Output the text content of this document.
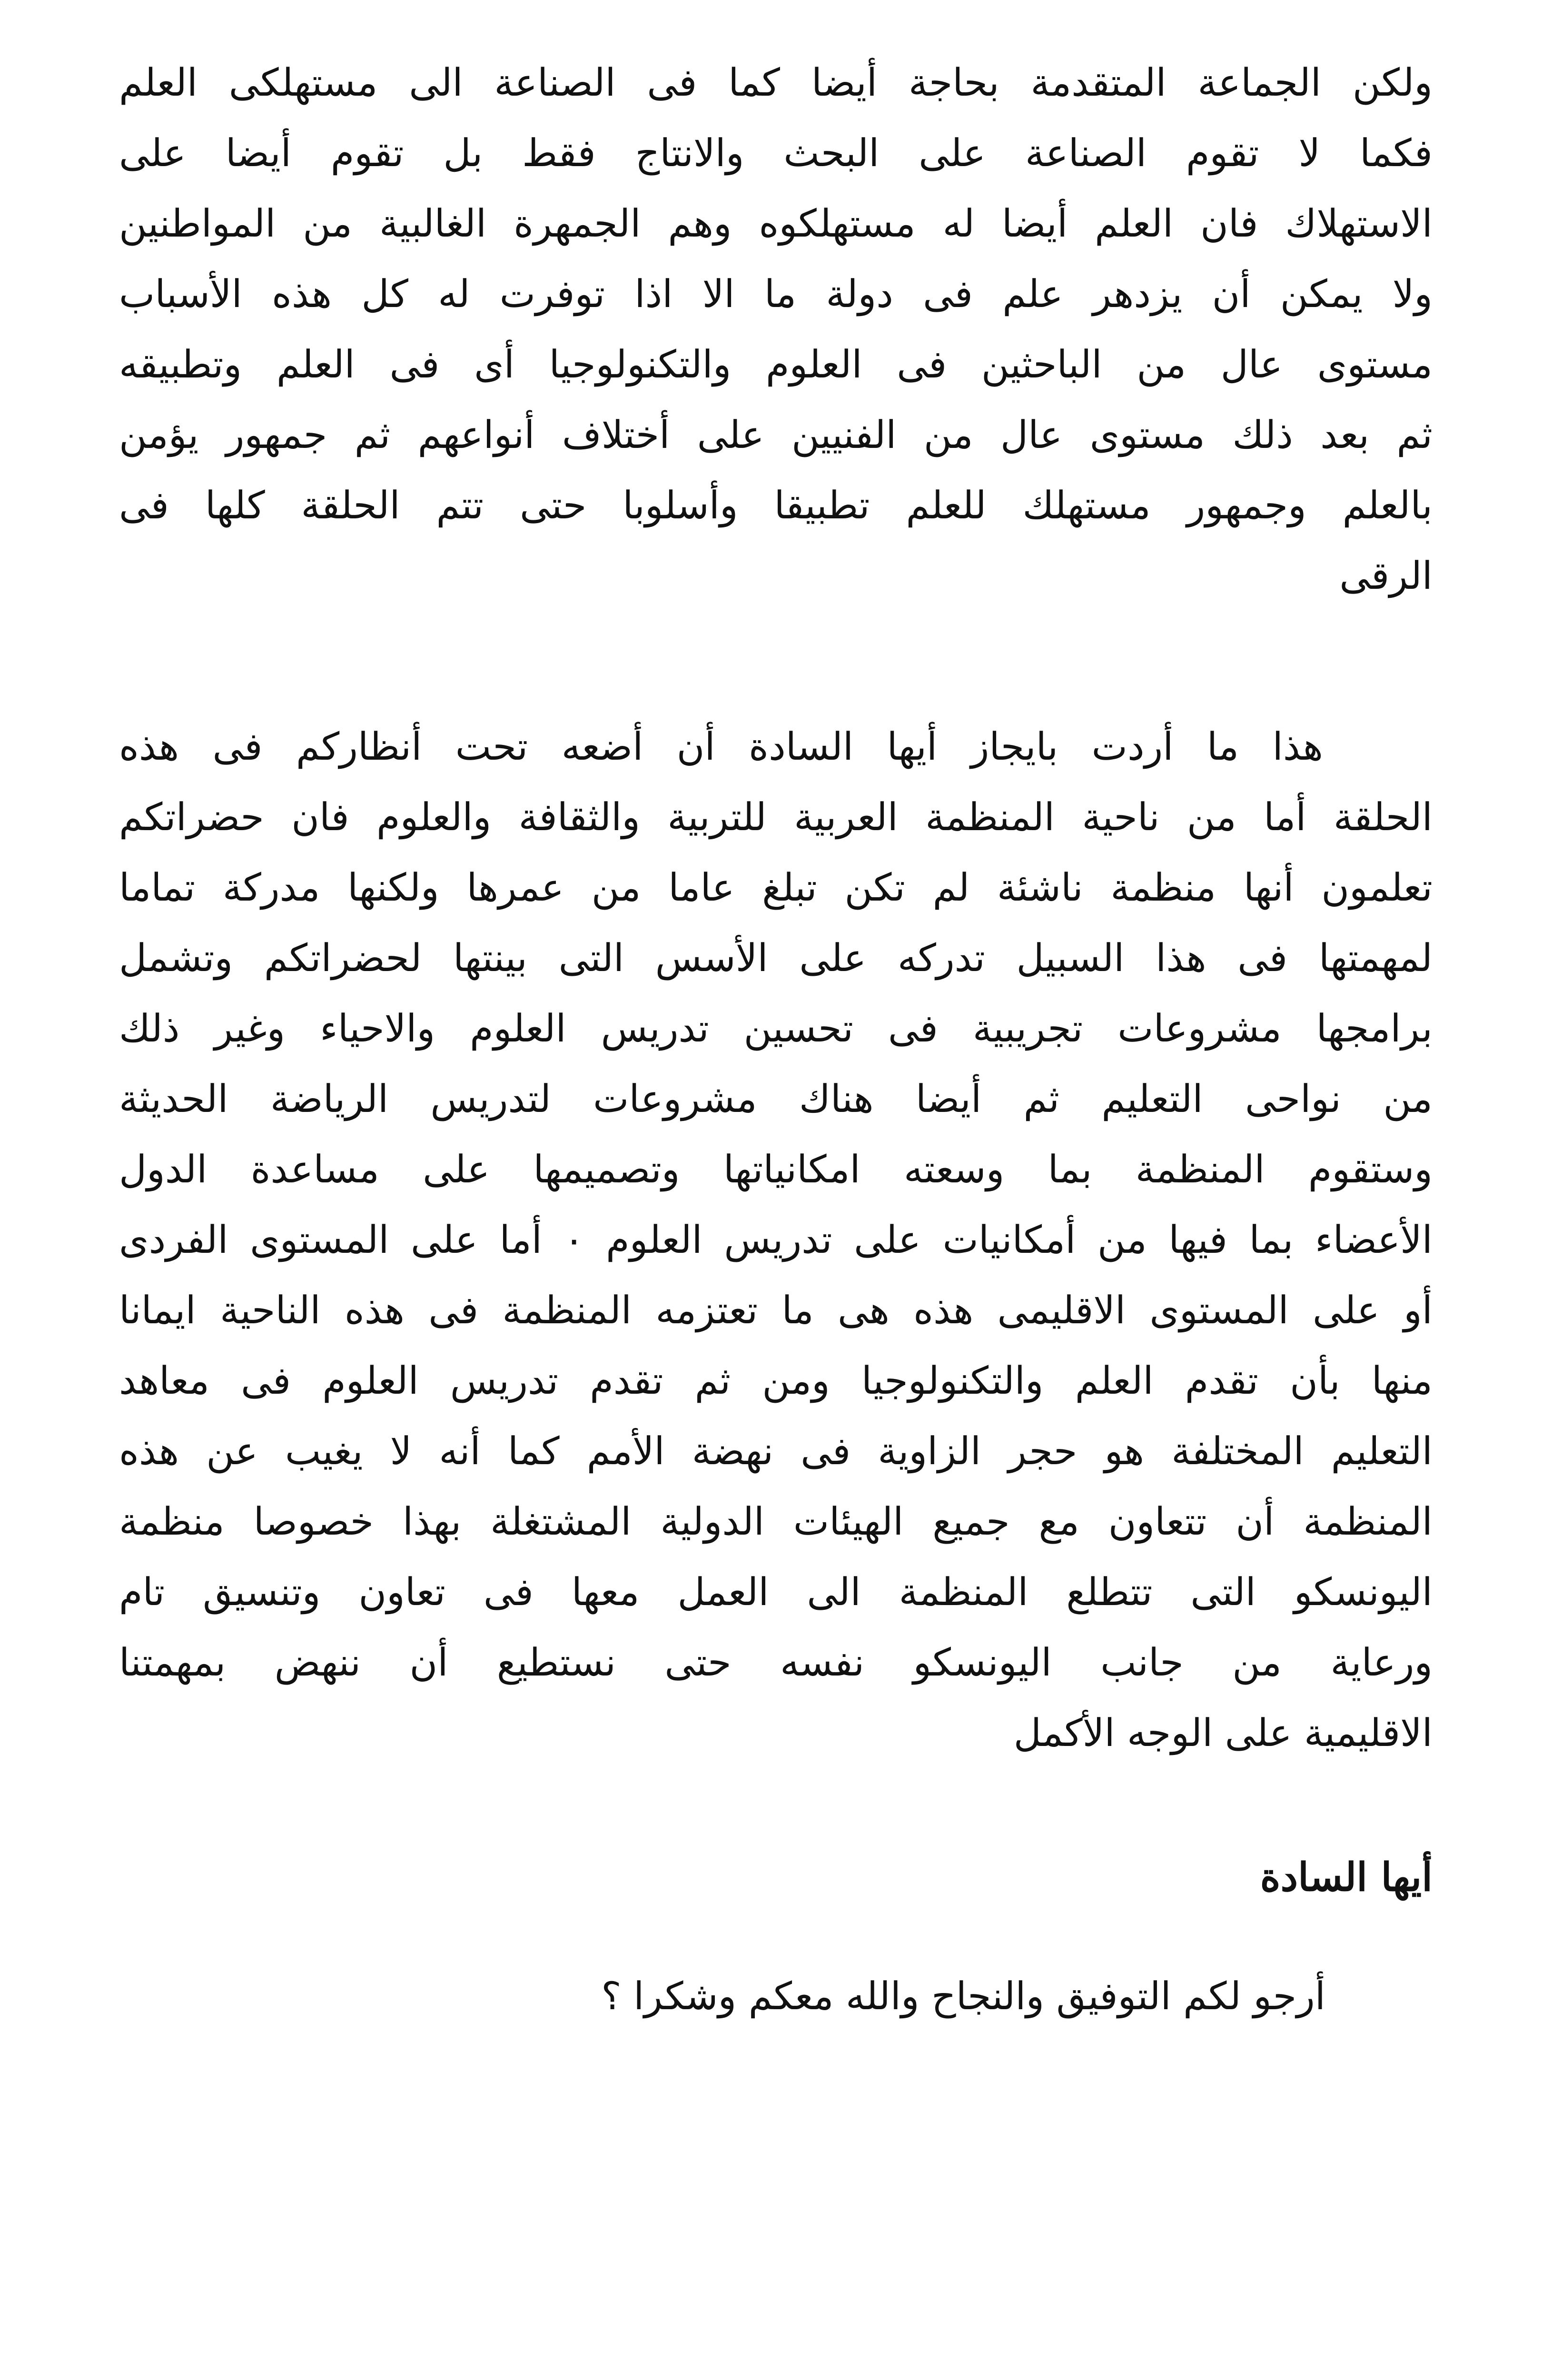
ولكن الجماعة المتقدمة بحاجة أيضا كما فى الصناعة الى مستهلكى العلم
فكما لا تقوم الصناعة على البحث والانتاج فقط بل تقوم أيضا على
الاستهلاك فان العلم أيضا له مستهلكوه وهم الجمهرة الغالبية من المواطنين
ولا يمكن أن يزدهر علم فى دولة ما الا اذا توفرت له كل هذه الأسباب
مستوى عال من الباحثين فى العلوم والتكنولوجيا أى فى العلم وتطبيقه
ثم بعد ذلك مستوى عال من الفنيين على أختلاف أنواعهم ثم جمهور يؤمن
بالعلم وجمهور مستهلك للعلم تطبيقا وأسلوبا حتى تتم الحلقة كلها فى
الرقى
هذا ما أردت بايجاز أيها السادة أن أضعه تحت أنظاركم فى هذه
الحلقة أما من ناحية المنظمة العربية للتربية والثقافة والعلوم فان حضراتكم
تعلمون أنها منظمة ناشئة لم تكن تبلغ عاما من عمرها ولكنها مدركة تماما
لمهمتها فى هذا السبيل تدركه على الأسس التى بينتها لحضراتكم وتشمل
برامجها مشروعات تجريبية فى تحسين تدريس العلوم والاحياء وغير ذلك
من نواحى التعليم ثم أيضا هناك مشروعات لتدريس الرياضة الحديثة
وستقوم المنظمة بما وسعته امكانياتها وتصميمها على مساعدة الدول
الأعضاء بما فيها من أمكانيات على تدريس العلوم ٠ أما على المستوى الفردى
أو على المستوى الاقليمى هذه هى ما تعتزمه المنظمة فى هذه الناحية ايمانا
منها بأن تقدم العلم والتكنولوجيا ومن ثم تقدم تدريس العلوم فى معاهد
التعليم المختلفة هو حجر الزاوية فى نهضة الأمم كما أنه لا يغيب عن هذه
المنظمة أن تتعاون مع جميع الهيئات الدولية المشتغلة بهذا خصوصا منظمة
اليونسكو التى تتطلع المنظمة الى العمل معها فى تعاون وتنسيق تام
ورعاية من جانب اليونسكو نفسه حتى نستطيع أن ننهض بمهمتنا
الاقليمية على الوجه الأكمل
أيها السادة
أرجو لكم التوفيق والنجاح والله معكم وشكرا ؟
